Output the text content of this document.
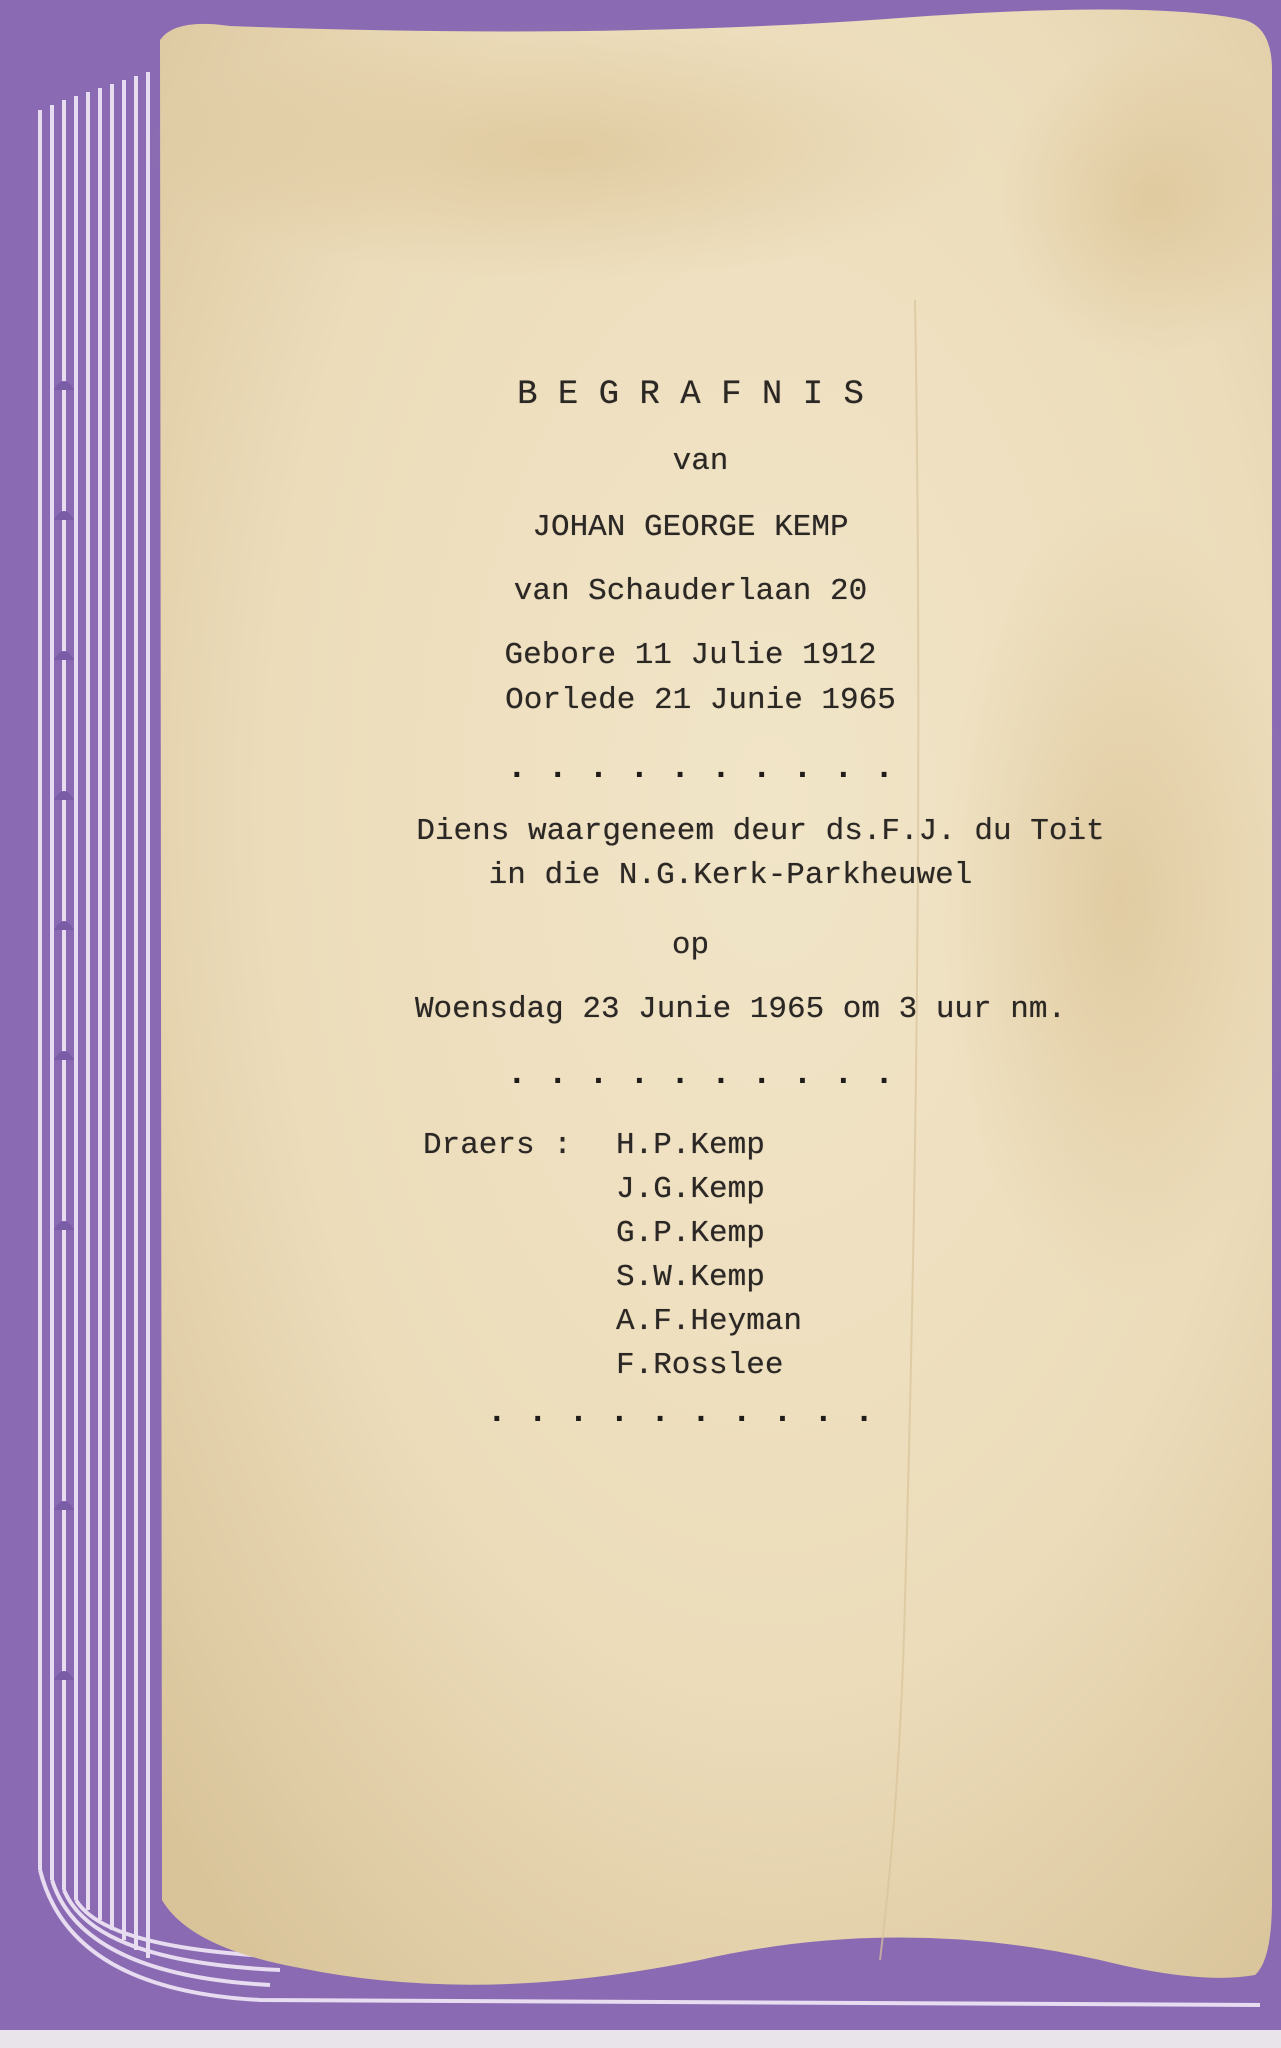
B E G R A F N I S
van
JOHAN GEORGE KEMP
van Schauderlaan 20
Gebore 11 Julie 1912
Oorlede 21 Junie 1965
. . . . . . . . . .
Diens waargeneem deur ds.F.J. du Toit
in die N.G.Kerk-Parkheuwel
op
Woensdag 23 Junie 1965 om 3 uur nm.
. . . . . . . . . .
Draers : H.P.Kemp
J.G.Kemp
G.P.Kemp
S.W.Kemp
A.F.Heyman
F.Rosslee
. . . . . . . . . .
